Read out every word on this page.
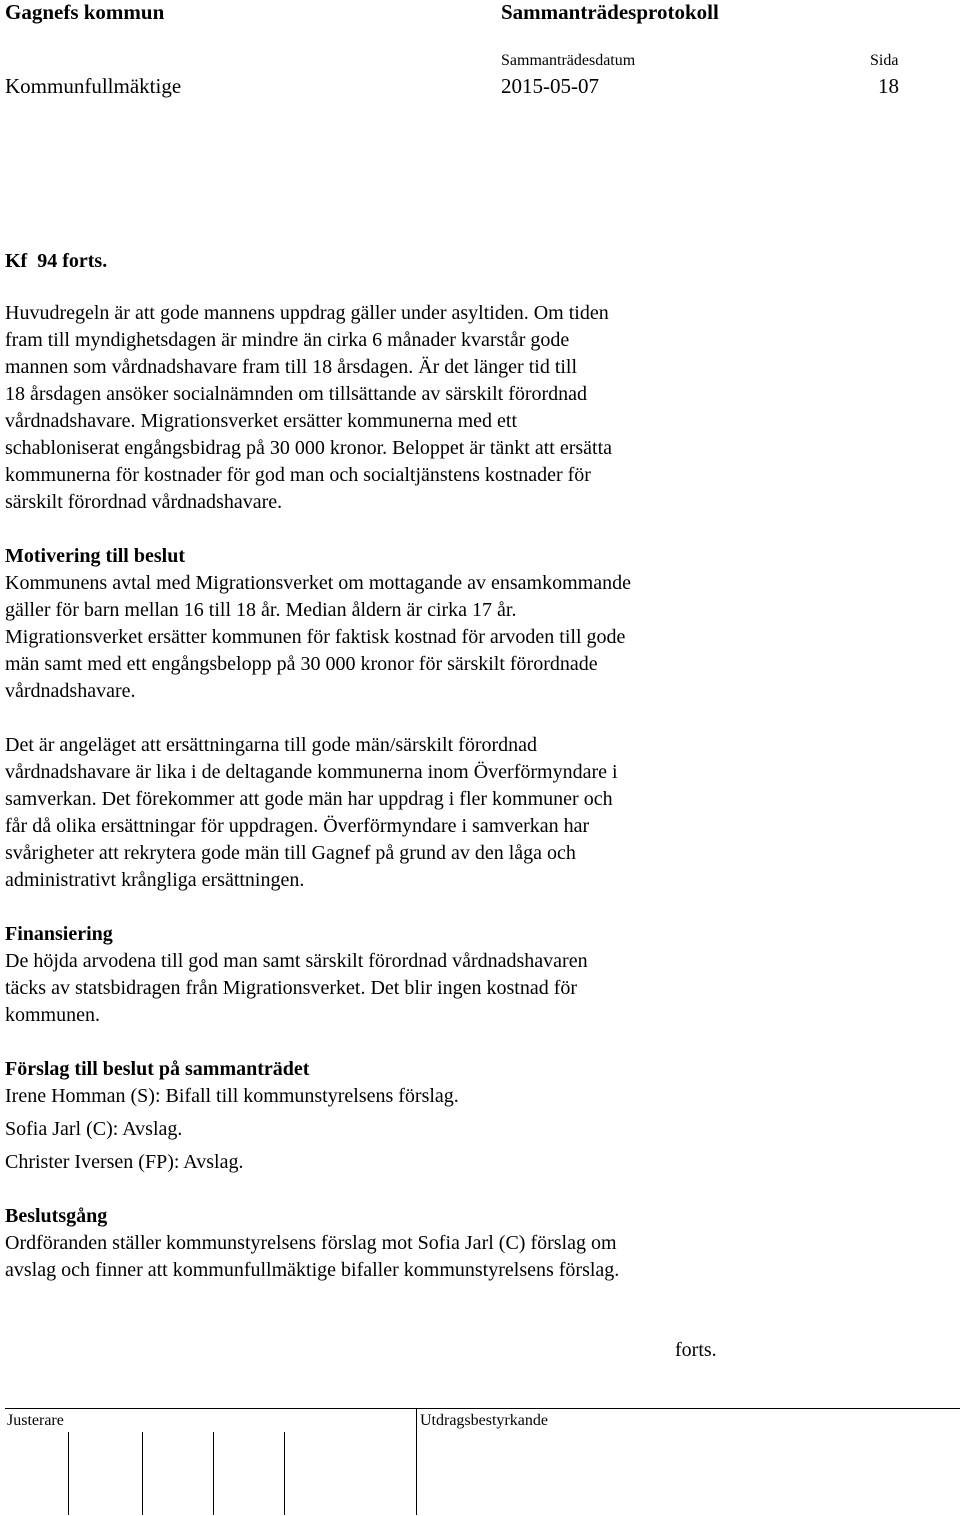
Gagnefs kommun	Sammanträdesprotokoll
Sammanträdesdatum	Sida
Kommunfullmäktige	2015-05-07	18
Kf  94 forts.
Huvudregeln är att gode mannens uppdrag gäller under asyltiden. Om tiden
fram till myndighetsdagen är mindre än cirka 6 månader kvarstår gode
mannen som vårdnadshavare fram till 18 årsdagen. Är det länger tid till
18 årsdagen ansöker socialnämnden om tillsättande av särskilt förordnad
vårdnadshavare. Migrationsverket ersätter kommunerna med ett
schabloniserat engångsbidrag på 30 000 kronor. Beloppet är tänkt att ersätta
kommunerna för kostnader för god man och socialtjänstens kostnader för
särskilt förordnad vårdnadshavare.
Motivering till beslut
Kommunens avtal med Migrationsverket om mottagande av ensamkommande
gäller för barn mellan 16 till 18 år. Median åldern är cirka 17 år.
Migrationsverket ersätter kommunen för faktisk kostnad för arvoden till gode
män samt med ett engångsbelopp på 30 000 kronor för särskilt förordnade
vårdnadshavare.
Det är angeläget att ersättningarna till gode män/särskilt förordnad
vårdnadshavare är lika i de deltagande kommunerna inom Överförmyndare i
samverkan. Det förekommer att gode män har uppdrag i fler kommuner och
får då olika ersättningar för uppdragen. Överförmyndare i samverkan har
svårigheter att rekrytera gode män till Gagnef på grund av den låga och
administrativt krångliga ersättningen.
Finansiering
De höjda arvodena till god man samt särskilt förordnad vårdnadshavaren
täcks av statsbidragen från Migrationsverket. Det blir ingen kostnad för
kommunen.
Förslag till beslut på sammanträdet
Irene Homman (S): Bifall till kommunstyrelsens förslag.
Sofia Jarl (C): Avslag.
Christer Iversen (FP): Avslag.
Beslutsgång
Ordföranden ställer kommunstyrelsens förslag mot Sofia Jarl (C) förslag om
avslag och finner att kommunfullmäktige bifaller kommunstyrelsens förslag.
forts.
Justerare	Utdragsbestyrkande
